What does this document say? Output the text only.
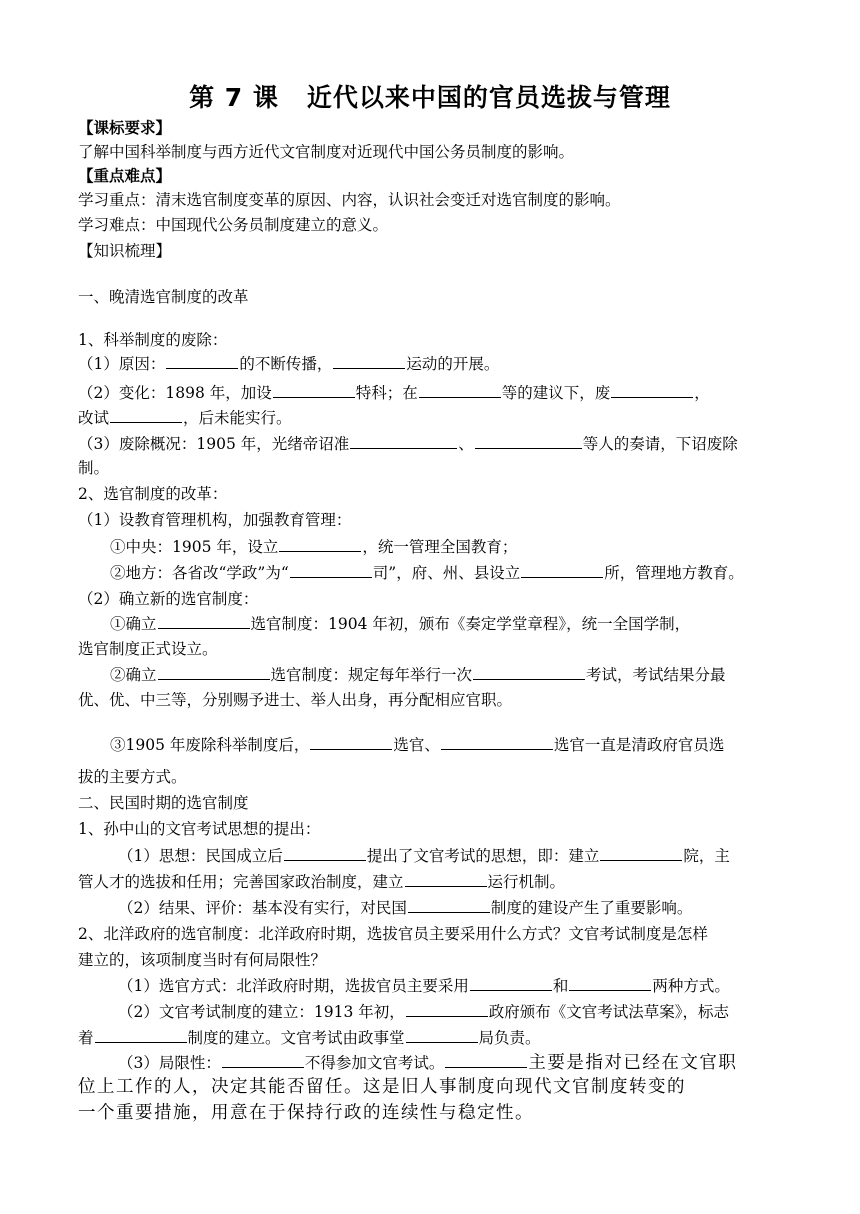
第 7 课 近代以来中国的官员选拔与管理
【课标要求】
了解中国科举制度与西方近代文官制度对近现代中国公务员制度的影响。
【重点难点】
学习重点：清末选官制度变革的原因、内容，认识社会变迁对选官制度的影响。
学习难点：中国现代公务员制度建立的意义。
【知识梳理】
一、晚清选官制度的改革
1、科举制度的废除：
（1）原因：	的不断传播，	运动的开展。
（2）变化：1898 年，加设	特科；在	等的建议下，废	，
改试	，后未能实行。
（3）废除概况：1905 年，光绪帝诏准	、	等人的奏请，下诏废除
制。
2、选官制度的改革：
（1）设教育管理机构，加强教育管理：
①中央：1905 年，设立	，统一管理全国教育；
②地方：各省改“学政”为“	司”，府、州、县设立	所，管理地方教育。
（2）确立新的选官制度：
①确立	选官制度：1904 年初，颁布《奏定学堂章程》，统一全国学制，
选官制度正式设立。
②确立	选官制度：规定每年举行一次	考试，考试结果分最
优、优、中三等，分别赐予进士、举人出身，再分配相应官职。
③1905 年废除科举制度后，	选官、	选官一直是清政府官员选
拔的主要方式。
二、民国时期的选官制度
1、孙中山的文官考试思想的提出：
（1）思想：民国成立后	提出了文官考试的思想，即：建立	院，主
管人才的选拔和任用；完善国家政治制度，建立	运行机制。
（2）结果、评价：基本没有实行，对民国	制度的建设产生了重要影响。
2、北洋政府的选官制度：北洋政府时期，选拔官员主要采用什么方式？文官考试制度是怎样
建立的，该项制度当时有何局限性？
（1）选官方式：北洋政府时期，选拔官员主要采用	和	两种方式。
（2）文官考试制度的建立：1913 年初，	政府颁布《文官考试法草案》，标志
着	制度的建立。文官考试由政事堂	局负责。
（3）局限性：	不得参加文官考试。	主要是指对已经在文官职
位上工作的人，决定其能否留任。这是旧人事制度向现代文官制度转变的
一个重要措施，用意在于保持行政的连续性与稳定性。
